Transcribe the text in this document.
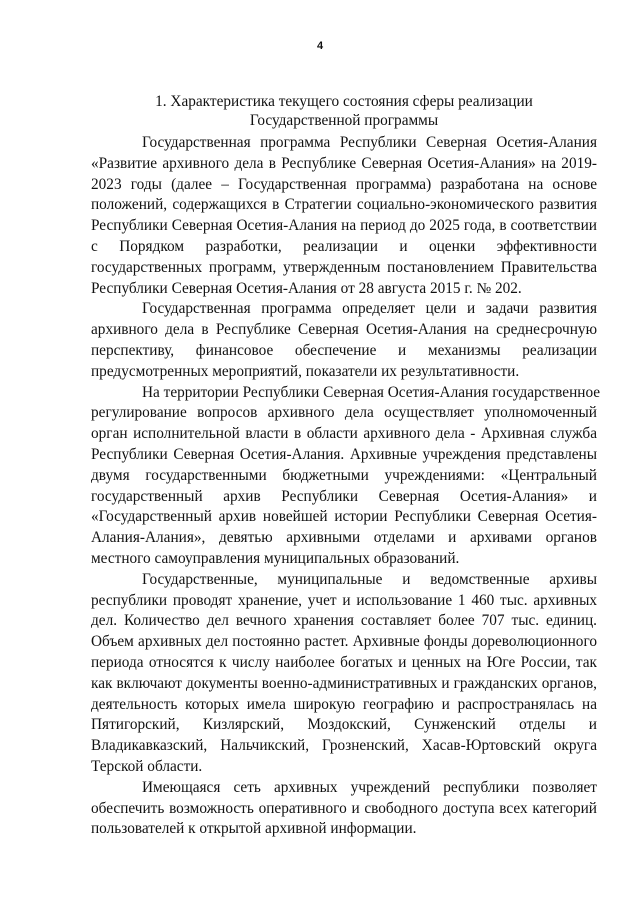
4
1. Характеристика текущего состояния сферы реализации
Государственной программы

Государственная программа Республики Северная Осетия-Алания
«Развитие архивного дела в Республике Северная Осетия-Алания» на 2019-
2023 годы (далее – Государственная программа) разработана на основе
положений, содержащихся в Стратегии социально-экономического развития
Республики Северная Осетия-Алания на период до 2025 года, в соответствии
с Порядком разработки, реализации и оценки эффективности
государственных программ, утвержденным постановлением Правительства
Республики Северная Осетия-Алания от 28 августа 2015 г. № 202.

Государственная программа определяет цели и задачи развития
архивного дела в Республике Северная Осетия-Алания на среднесрочную
перспективу, финансовое обеспечение и механизмы реализации
предусмотренных мероприятий, показатели их результативности.

На территории Республики Северная Осетия-Алания государственное
регулирование вопросов архивного дела осуществляет уполномоченный
орган исполнительной власти в области архивного дела - Архивная служба
Республики Северная Осетия-Алания. Архивные учреждения представлены
двумя государственными бюджетными учреждениями: «Центральный
государственный архив Республики Северная Осетия-Алания» и
«Государственный архив новейшей истории Республики Северная Осетия-
Алания-Алания», девятью архивными отделами и архивами органов
местного самоуправления муниципальных образований.

Государственные, муниципальные и ведомственные архивы
республики проводят хранение, учет и использование 1 460 тыс. архивных
дел. Количество дел вечного хранения составляет более 707 тыс. единиц.
Объем архивных дел постоянно растет. Архивные фонды дореволюционного
периода относятся к числу наиболее богатых и ценных на Юге России, так
как включают документы военно-административных и гражданских органов,
деятельность которых имела широкую географию и распространялась на
Пятигорский, Кизлярский, Моздокский, Сунженский отделы и
Владикавказский, Нальчикский, Грозненский, Хасав-Юртовский округа
Терской области.

Имеющаяся сеть архивных учреждений республики позволяет
обеспечить возможность оперативного и свободного доступа всех категорий
пользователей к открытой архивной информации.
